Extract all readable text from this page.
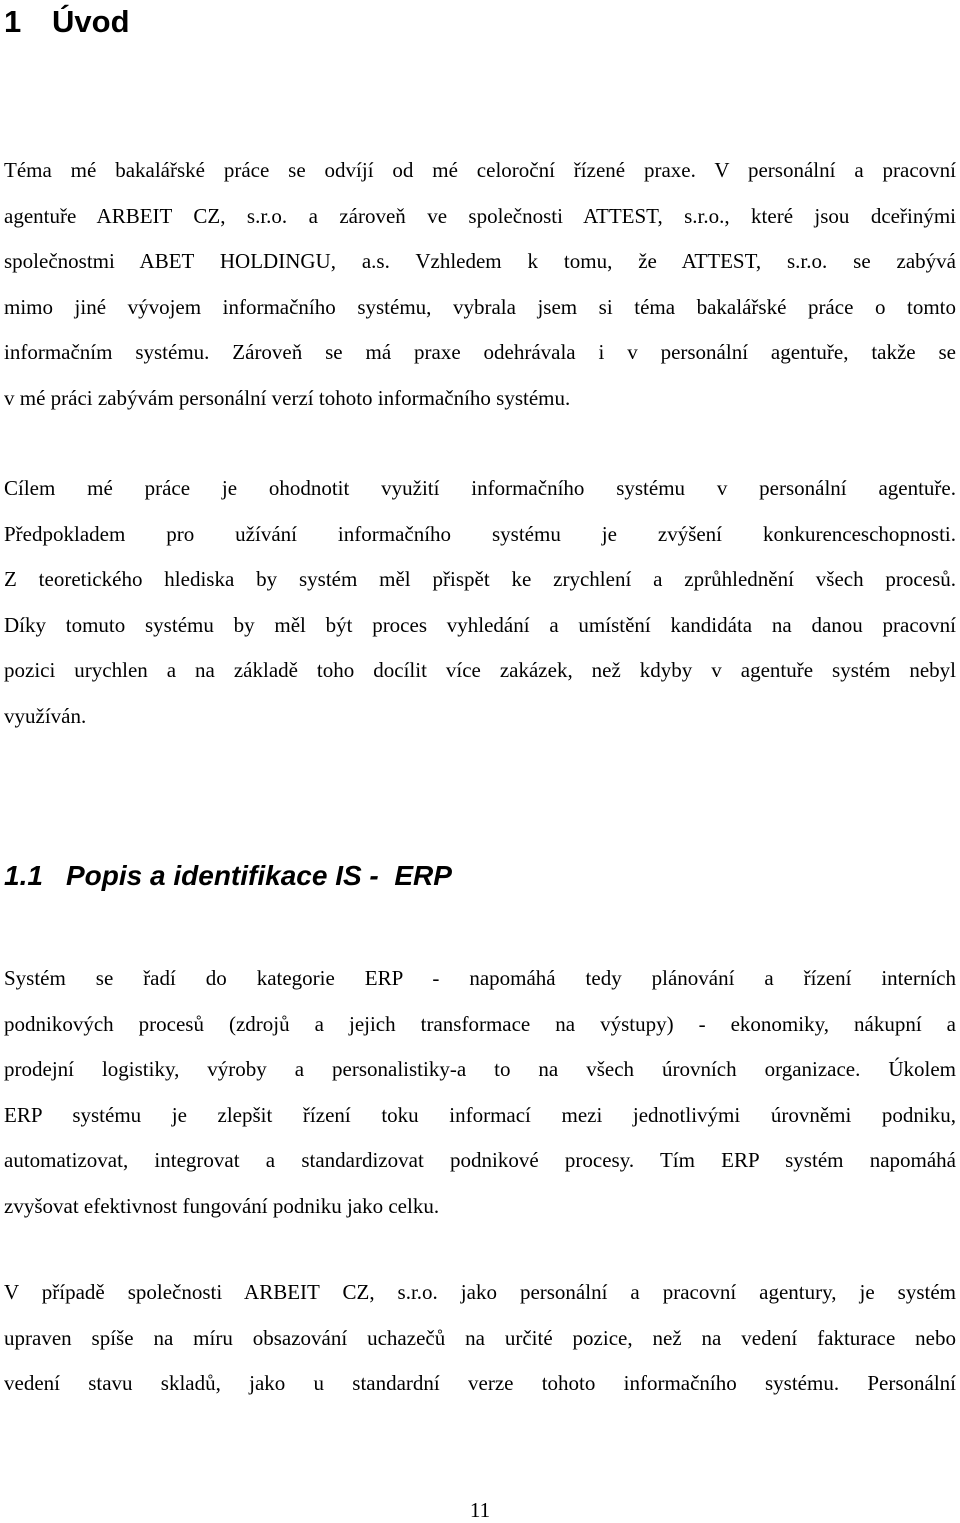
1 Úvod
Téma mé bakalářské práce se odvíjí od mé celoroční řízené praxe. V personální a pracovní
agentuře ARBEIT CZ, s.r.o. a zároveň ve společnosti ATTEST, s.r.o., které jsou dceřinými
společnostmi ABET HOLDINGU, a.s. Vzhledem k tomu, že ATTEST, s.r.o. se zabývá
mimo jiné vývojem informačního systému, vybrala jsem si téma bakalářské práce o tomto
informačním systému. Zároveň se má praxe odehrávala i v personální agentuře, takže se
v mé práci zabývám personální verzí tohoto informačního systému.
Cílem mé práce je ohodnotit využití informačního systému v personální agentuře.
Předpokladem pro užívání informačního systému je zvýšení konkurenceschopnosti.
Z teoretického hlediska by systém měl přispět ke zrychlení a zprůhlednění všech procesů.
Díky tomuto systému by měl být proces vyhledání a umístění kandidáta na danou pracovní
pozici urychlen a na základě toho docílit více zakázek, než kdyby v agentuře systém nebyl
využíván.
1.1 Popis a identifikace IS -  ERP
Systém se řadí do kategorie ERP - napomáhá tedy plánování a řízení interních
podnikových procesů (zdrojů a jejich transformace na výstupy) - ekonomiky, nákupní a
prodejní logistiky, výroby a personalistiky-a to na všech úrovních organizace. Úkolem
ERP systému je zlepšit řízení toku informací mezi jednotlivými úrovněmi podniku,
automatizovat, integrovat a standardizovat podnikové procesy. Tím ERP systém napomáhá
zvyšovat efektivnost fungování podniku jako celku.
V případě společnosti ARBEIT CZ, s.r.o. jako personální a pracovní agentury, je systém
upraven spíše na míru obsazování uchazečů na určité pozice, než na vedení fakturace nebo
vedení stavu skladů, jako u standardní verze tohoto informačního systému. Personální
11
